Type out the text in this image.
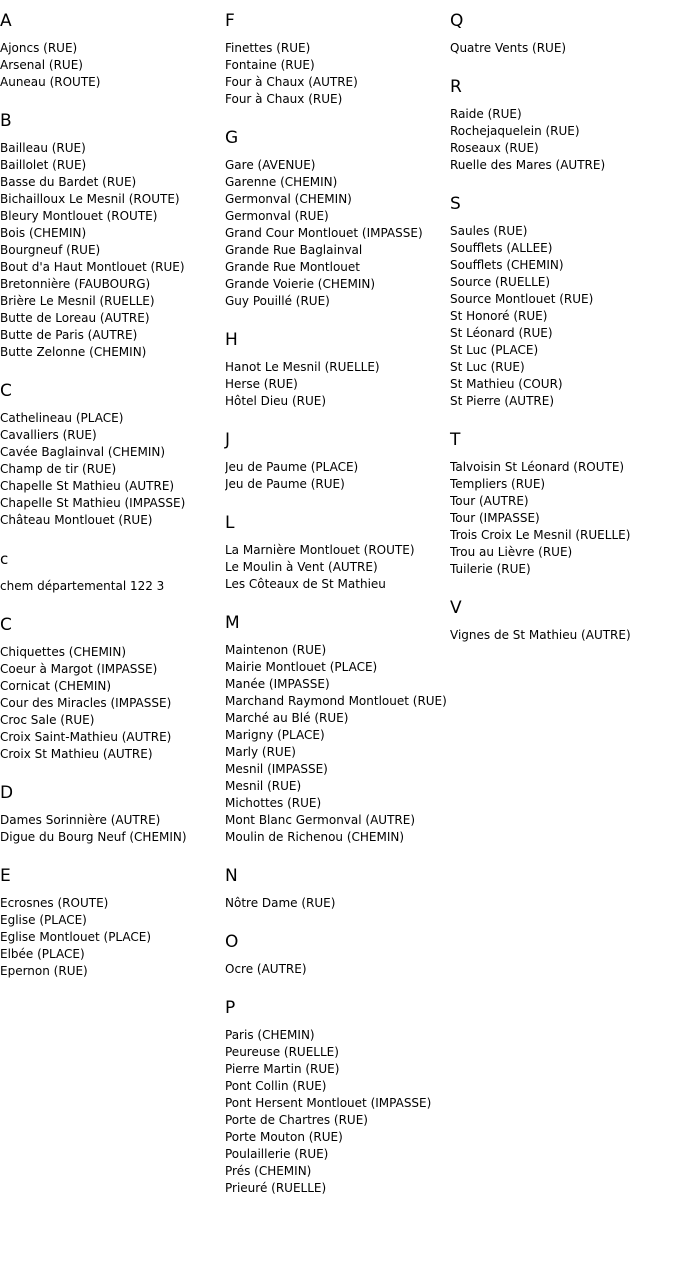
A
Ajoncs (RUE)
Arsenal (RUE)
Auneau (ROUTE)
B
Bailleau (RUE)
Baillolet (RUE)
Basse du Bardet (RUE)
Bichailloux Le Mesnil (ROUTE)
Bleury Montlouet (ROUTE)
Bois (CHEMIN)
Bourgneuf (RUE)
Bout d'a Haut Montlouet (RUE)
Bretonnière (FAUBOURG)
Brière Le Mesnil (RUELLE)
Butte de Loreau (AUTRE)
Butte de Paris (AUTRE)
Butte Zelonne (CHEMIN)
C
Cathelineau (PLACE)
Cavalliers (RUE)
Cavée Baglainval (CHEMIN)
Champ de tir (RUE)
Chapelle St Mathieu (AUTRE)
Chapelle St Mathieu (IMPASSE)
Château Montlouet (RUE)
c
chem départemental 122 3
C
Chiquettes (CHEMIN)
Coeur à Margot (IMPASSE)
Cornicat (CHEMIN)
Cour des Miracles (IMPASSE)
Croc Sale (RUE)
Croix Saint-Mathieu (AUTRE)
Croix St Mathieu (AUTRE)
D
Dames Sorinnière (AUTRE)
Digue du Bourg Neuf (CHEMIN)
E
Ecrosnes (ROUTE)
Eglise (PLACE)
Eglise Montlouet (PLACE)
Elbée (PLACE)
Epernon (RUE)
F
Finettes (RUE)
Fontaine (RUE)
Four à Chaux (AUTRE)
Four à Chaux (RUE)
G
Gare (AVENUE)
Garenne (CHEMIN)
Germonval (CHEMIN)
Germonval (RUE)
Grand Cour Montlouet (IMPASSE)
Grande Rue Baglainval
Grande Rue Montlouet
Grande Voierie (CHEMIN)
Guy Pouillé (RUE)
H
Hanot Le Mesnil (RUELLE)
Herse (RUE)
Hôtel Dieu (RUE)
J
Jeu de Paume (PLACE)
Jeu de Paume (RUE)
L
La Marnière Montlouet (ROUTE)
Le Moulin à Vent (AUTRE)
Les Côteaux de St Mathieu
M
Maintenon (RUE)
Mairie Montlouet (PLACE)
Manée (IMPASSE)
Marchand Raymond Montlouet (RUE)
Marché au Blé (RUE)
Marigny (PLACE)
Marly (RUE)
Mesnil (IMPASSE)
Mesnil (RUE)
Michottes (RUE)
Mont Blanc Germonval (AUTRE)
Moulin de Richenou (CHEMIN)
N
Nôtre Dame (RUE)
O
Ocre (AUTRE)
P
Paris (CHEMIN)
Peureuse (RUELLE)
Pierre Martin (RUE)
Pont Collin (RUE)
Pont Hersent Montlouet (IMPASSE)
Porte de Chartres (RUE)
Porte Mouton (RUE)
Poulaillerie (RUE)
Prés (CHEMIN)
Prieuré (RUELLE)
Q
Quatre Vents (RUE)
R
Raide (RUE)
Rochejaquelein (RUE)
Roseaux (RUE)
Ruelle des Mares (AUTRE)
S
Saules (RUE)
Soufflets (ALLEE)
Soufflets (CHEMIN)
Source (RUELLE)
Source Montlouet (RUE)
St Honoré (RUE)
St Léonard (RUE)
St Luc (PLACE)
St Luc (RUE)
St Mathieu (COUR)
St Pierre (AUTRE)
T
Talvoisin St Léonard (ROUTE)
Templiers (RUE)
Tour (AUTRE)
Tour (IMPASSE)
Trois Croix Le Mesnil (RUELLE)
Trou au Lièvre (RUE)
Tuilerie (RUE)
V
Vignes de St Mathieu (AUTRE)
